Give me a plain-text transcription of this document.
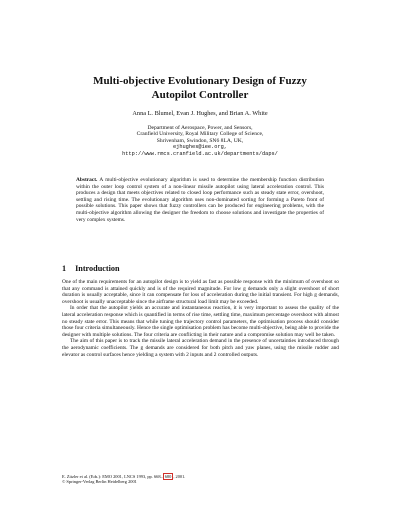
Multi-objective Evolutionary Design of Fuzzy
Autopilot Controller
Anna L. Blumel, Evan J. Hughes, and Brian A. White
Department of Aerospace, Power, and Sensors,
Cranfield University, Royal Military College of Science,
Shrivenham, Swindon, SN6 8LA, UK,
ejhughes@iee.org,
http://www.rmcs.cranfield.ac.uk/departments/daps/
Abstract. A multi-objective evolutionary algorithm is used to determine the membership function distribution within the outer loop control system of a non-linear missile autopilot using lateral acceleration control. This produces a design that meets objectives related to closed loop performance such as steady state error, overshoot, settling and rising time. The evolutionary algorithm uses non-dominated sorting for forming a Pareto front of possible solutions. This paper shows that fuzzy controllers can be produced for engineering problems, with the multi-objective algorithm allowing the designer the freedom to choose solutions and investigate the properties of very complex systems.
1 Introduction

One of the main requirements for an autopilot design is to yield as fast as possible response with the minimum of overshoot so that any command is attained quickly and is of the required magnitude. For low g demands only a slight overshoot of short duration is usually acceptable, since it can compensate for loss of acceleration during the initial transient. For high g demands, overshoot is usually unacceptable since the airframe structural load limit may be exceeded.

In order that the autopilot yields an accurate and instantaneous reaction, it is very important to assess the quality of the lateral acceleration response which is quantified in terms of rise time, settling time, maximum percentage overshoot with almost no steady state error. This means that while tuning the trajectory control parameters, the optimisation process should consider those four criteria simultaneously. Hence the single optimisation problem has become multi-objective, being able to provide the designer with multiple solutions. The four criteria are conflicting in their nature and a compromise solution may well be taken.

The aim of this paper is to track the missile lateral acceleration demand in the presence of uncertainties introduced through the aerodynamic coefficients. The g demands are considered for both pitch and yaw planes, using the missile rudder and elevator as control surfaces hence yielding a system with 2 inputs and 2 controlled outputs.

E. Zitzler et al. (Eds.): EMO 2001, LNCS 1993, pp. 668– 680 , 2001.
© Springer-Verlag Berlin Heidelberg 2001
